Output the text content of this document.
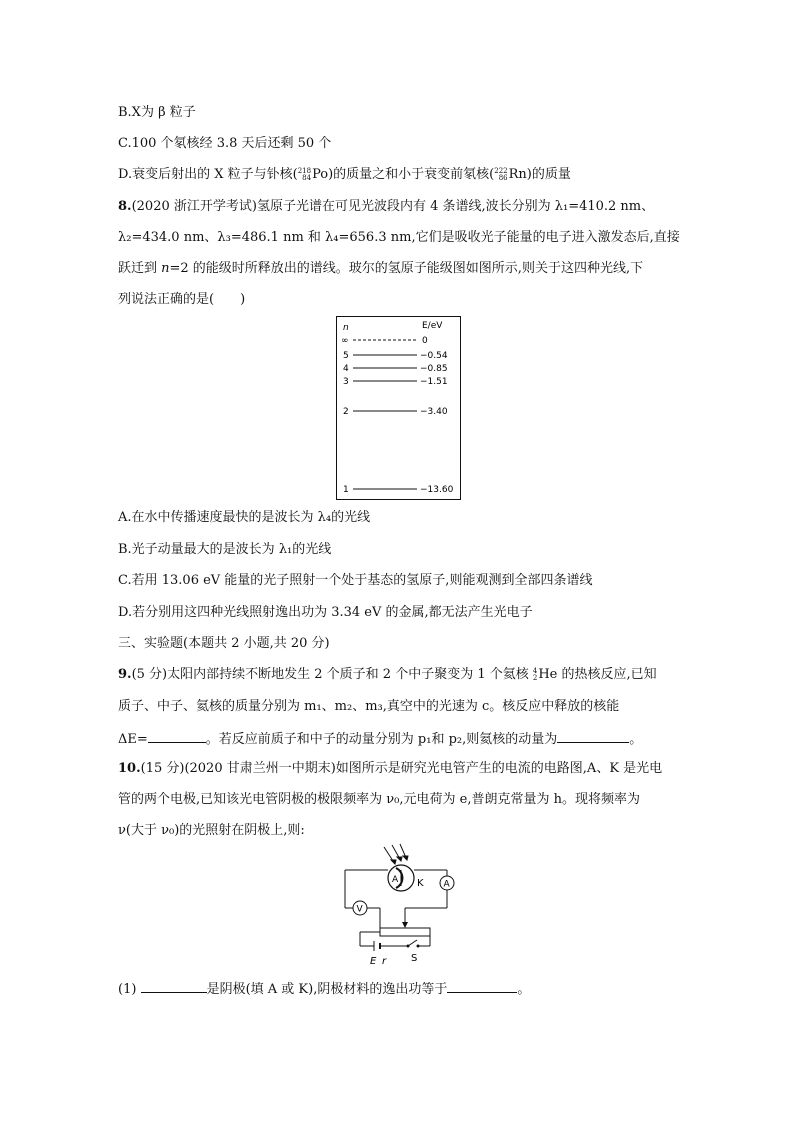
B.X为 β 粒子
C.100 个氡核经 3.8 天后还剩 50 个
D.衰变后射出的 X 粒子与钋核( 218
84 Po)的质量之和小于衰变前氡核( 222
86 Rn)的质量
8.(2020 浙江开学考试)氢原子光谱在可见光波段内有 4 条谱线,波长分别为 λ₁=410.2 nm、
λ₂=434.0 nm、λ₃=486.1 nm 和 λ₄=656.3 nm,它们是吸收光子能量的电子进入激发态后,直接
跃迁到 n=2 的能级时所释放出的谱线。玻尔的氢原子能级图如图所示,则关于这四种光线,下
列说法正确的是(　　)
n	E/eV
∞	0
5	−0.54
4	−0.85
3	−1.51
2	−3.40
1	−13.60
A.在水中传播速度最快的是波长为 λ₄的光线
B.光子动量最大的是波长为 λ₁的光线
C.若用 13.06 eV 能量的光子照射一个处于基态的氢原子,则能观测到全部四条谱线
D.若分别用这四种光线照射逸出功为 3.34 eV 的金属,都无法产生光电子
三、实验题(本题共 2 小题,共 20 分)
9.(5 分)太阳内部持续不断地发生 2 个质子和 2 个中子聚变为 1 个氦核 4
2 He 的热核反应,已知
质子、中子、氦核的质量分别为 m₁、m₂、m₃,真空中的光速为 c。核反应中释放的核能
ΔE=	。若反应前质子和中子的动量分别为 p₁和 p₂,则氦核的动量为	。
10.(15 分)(2020 甘肃兰州一中期末)如图所示是研究光电管产生的电流的电路图,A、K 是光电
管的两个电极,已知该光电管阴极的极限频率为 ν₀,元电荷为 e,普朗克常量为 h。现将频率为
ν(大于 ν₀)的光照射在阴极上,则:
A K A
V
E r S
(1)	是阴极(填 A 或 K),阴极材料的逸出功等于	。
